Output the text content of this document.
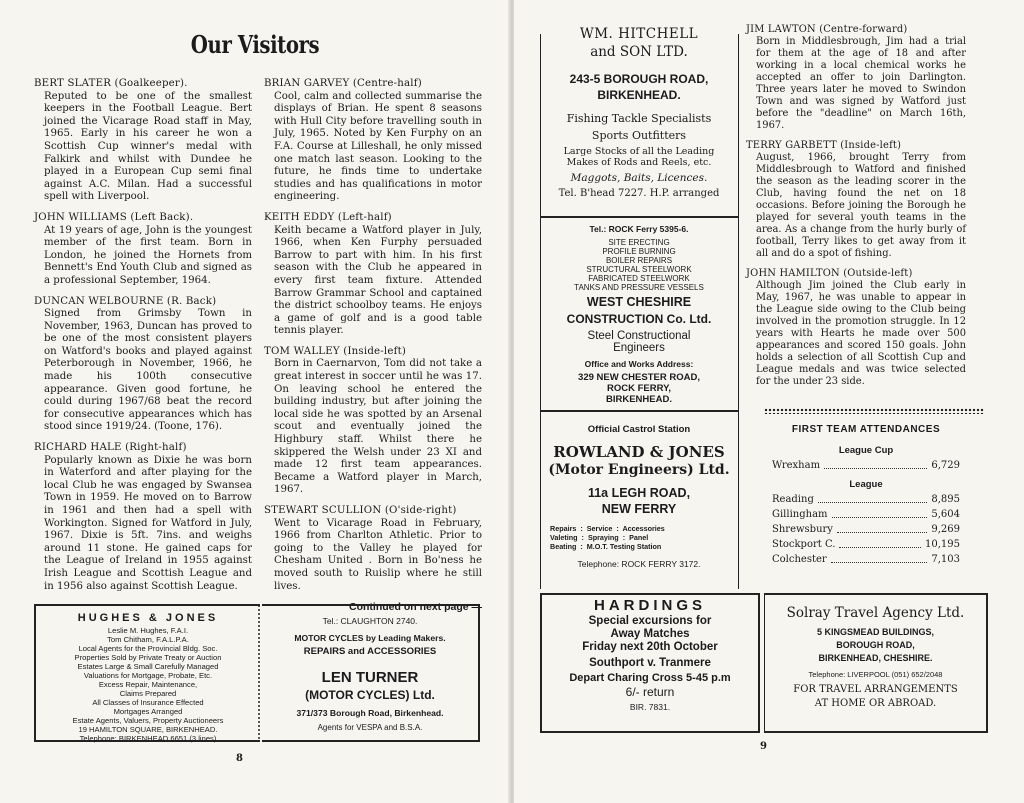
Our Visitors
BERT SLATER (Goalkeeper).
Reputed to be one of the smallest keepers in the Football League. Bert joined the Vicarage Road staff in May, 1965. Early in his career he won a Scottish Cup winner's medal with Falkirk and whilst with Dundee he played in a European Cup semi final against A.C. Milan. Had a successful spell with Liverpool.
JOHN WILLIAMS (Left Back).
At 19 years of age, John is the youngest member of the first team. Born in London, he joined the Hornets from Bennett's End Youth Club and signed as a professional September, 1964.
DUNCAN WELBOURNE (R. Back)
Signed from Grimsby Town in November, 1963, Duncan has proved to be one of the most consistent players on Watford's books and played against Peterborough in November, 1966, he made his 100th consecutive appearance. Given good fortune, he could during 1967/68 beat the record for consecutive appearances which has stood since 1919/24. (Toone, 176).
RICHARD HALE (Right-half)
Popularly known as Dixie he was born in Waterford and after playing for the local Club he was engaged by Swansea Town in 1959. He moved on to Barrow in 1961 and then had a spell with Workington. Signed for Watford in July, 1967. Dixie is 5ft. 7ins. and weighs around 11 stone. He gained caps for the League of Ireland in 1955 against Irish League and Scottish League and in 1956 also against Scottish League.
BRIAN GARVEY (Centre-half)
Cool, calm and collected summarise the displays of Brian. He spent 8 seasons with Hull City before travelling south in July, 1965. Noted by Ken Furphy on an F.A. Course at Lilleshall, he only missed one match last season. Looking to the future, he finds time to undertake studies and has qualifications in motor engineering.
KEITH EDDY (Left-half)
Keith became a Watford player in July, 1966, when Ken Furphy persuaded Barrow to part with him. In his first season with the Club he appeared in every first team fixture. Attended Barrow Grammar School and captained the district schoolboy teams. He enjoys a game of golf and is a good table tennis player.
TOM WALLEY (Inside-left)
Born in Caernarvon, Tom did not take a great interest in soccer until he was 17. On leaving school he entered the building industry, but after joining the local side he was spotted by an Arsenal scout and eventually joined the Highbury staff. Whilst there he skippered the Welsh under 23 XI and made 12 first team appearances. Became a Watford player in March, 1967.
STEWART SCULLION (O'side-right)
Went to Vicarage Road in February, 1966 from Charlton Athletic. Prior to going to the Valley he played for Chesham United . Born in Bo'ness he moved south to Ruislip where he still lives.
Continued on next page —
HUGHES & JONES
Leslie M. Hughes, F.A.I.
Tom Chitham, F.A.L.P.A.
Local Agents for the Provincial Bldg. Soc.
Properties Sold by Private Treaty or Auction
Estates Large & Small Carefully Managed
Valuations for Mortgage, Probate, Etc.
Excess Repair, Maintenance,
Claims Prepared
All Classes of Insurance Effected
Mortgages Arranged
Estate Agents, Valuers, Property Auctioneers
19 HAMILTON SQUARE, BIRKENHEAD.
Telephone: BIRKENHEAD 6651 (3 lines)
Tel.: CLAUGHTON 2740.
MOTOR CYCLES by Leading Makers.
REPAIRS and ACCESSORIES
LEN TURNER
(MOTOR CYCLES) Ltd.
371/373 Borough Road, Birkenhead.
Agents for VESPA and B.S.A.
8
WM. HITCHELL
and SON LTD.
243-5 BOROUGH ROAD,
BIRKENHEAD.
Fishing Tackle Specialists
Sports Outfitters
Large Stocks of all the Leading
Makes of Rods and Reels, etc.
Maggots, Baits, Licences.
Tel. B'head 7227. H.P. arranged
Tel.: ROCK Ferry 5395-6.
SITE ERECTING
PROFILE BURNING
BOILER REPAIRS
STRUCTURAL STEELWORK
FABRICATED STEELWORK
TANKS AND PRESSURE VESSELS
WEST CHESHIRE
CONSTRUCTION Co. Ltd.
Steel Constructional
Engineers
Office and Works Address:
329 NEW CHESTER ROAD,
ROCK FERRY,
BIRKENHEAD.
Official Castrol Station
ROWLAND & JONES
(Motor Engineers) Ltd.
11a LEGH ROAD,
NEW FERRY
Repairs  :  Service  :  Accessories
Valeting  :  Spraying  :  Panel
Beating  :  M.O.T. Testing Station
Telephone: ROCK FERRY 3172.
JIM LAWTON (Centre-forward)
Born in Middlesbrough, Jim had a trial for them at the age of 18 and after working in a local chemical works he accepted an offer to join Darlington. Three years later he moved to Swindon Town and was signed by Watford just before the "deadline" on March 16th, 1967.
TERRY GARBETT (Inside-left)
August, 1966, brought Terry from Middlesbrough to Watford and finished the season as the leading scorer in the Club, having found the net on 18 occasions. Before joining the Borough he played for several youth teams in the area. As a change from the hurly burly of football, Terry likes to get away from it all and do a spot of fishing.
JOHN HAMILTON (Outside-left)
Although Jim joined the Club early in May, 1967, he was unable to appear in the League side owing to the Club being involved in the promotion struggle. In 12 years with Hearts he made over 500 appearances and scored 150 goals. John holds a selection of all Scottish Cup and League medals and was twice selected for the under 23 side.
FIRST TEAM ATTENDANCES
League Cup
Wrexham	6,729
League
Reading	8,895
Gillingham	5,604
Shrewsbury	9,269
Stockport C.	10,195
Colchester	7,103
HARDINGS
Special excursions for
Away Matches
Friday next 20th October
Southport v. Tranmere
Depart Charing Cross 5-45 p.m
6/- return
BIR. 7831.
Solray Travel Agency Ltd.
5 KINGSMEAD BUILDINGS,
BOROUGH ROAD,
BIRKENHEAD, CHESHIRE.
Telephone: LIVERPOOL (051) 652/2048
FOR TRAVEL ARRANGEMENTS
AT HOME OR ABROAD.
9
